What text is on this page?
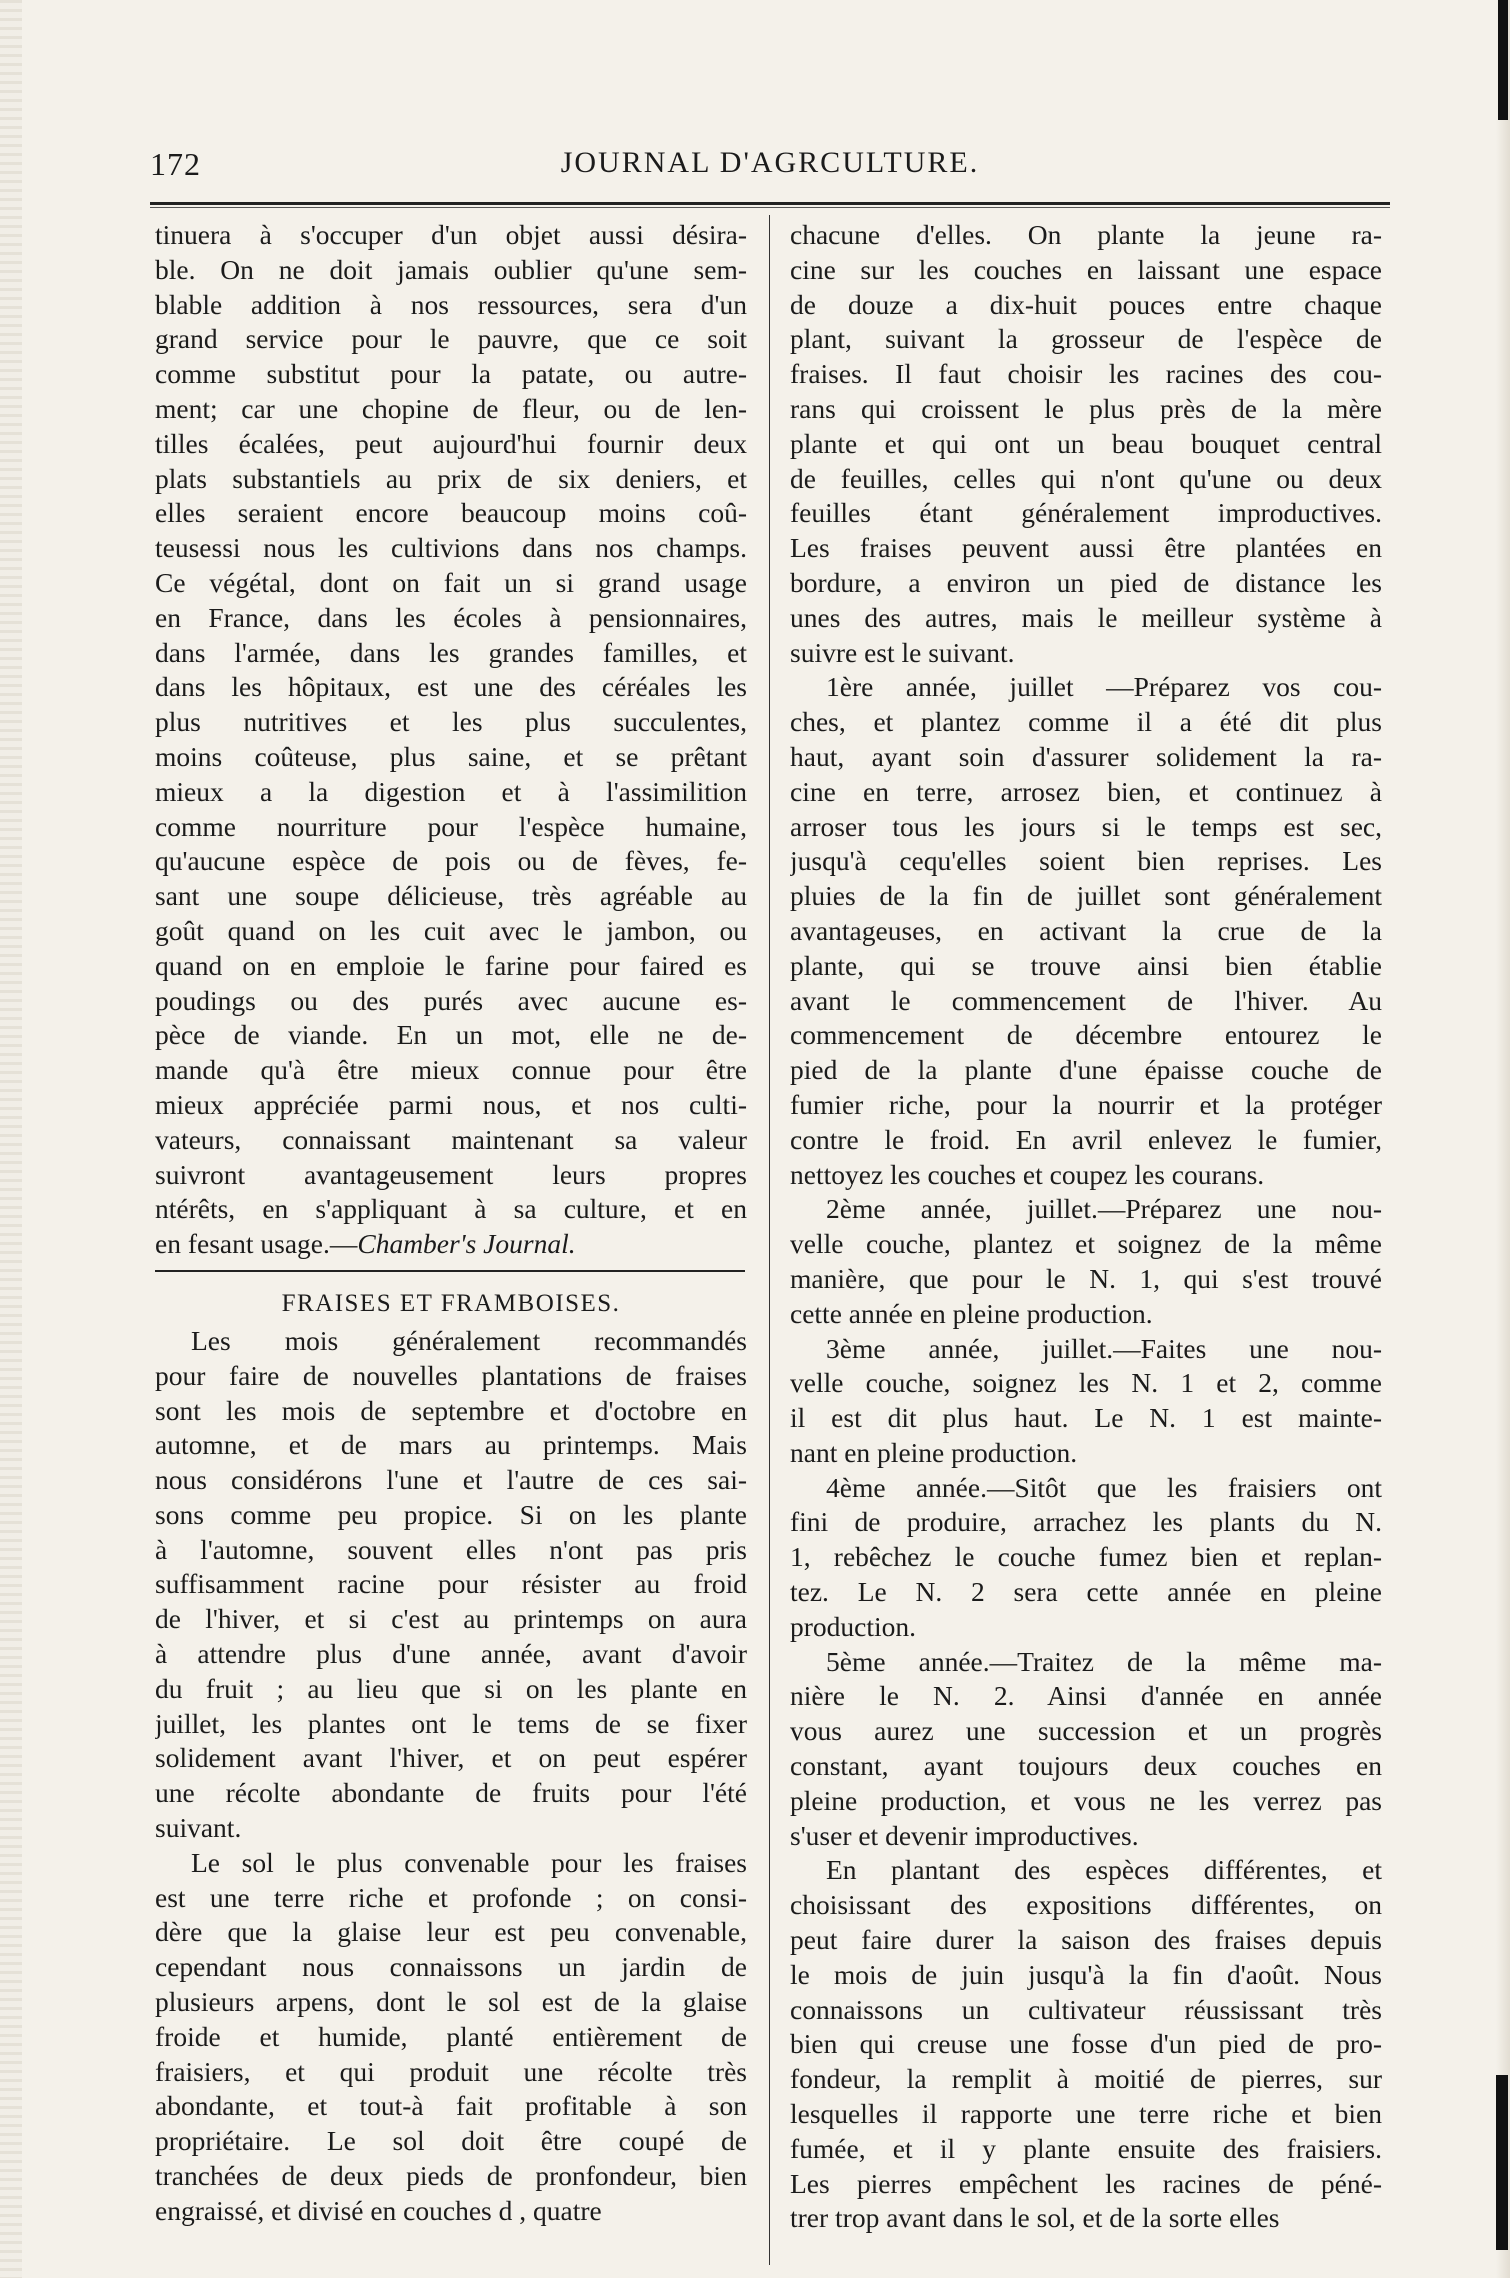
172	JOURNAL D'AGRCULTURE.
tinuera à s'occuper d'un objet aussi désira-
ble. On ne doit jamais oublier qu'une sem-
blable addition à nos ressources, sera d'un
grand service pour le pauvre, que ce soit
comme substitut pour la patate, ou autre-
ment; car une chopine de fleur, ou de len-
tilles écalées, peut aujourd'hui fournir deux
plats substantiels au prix de six deniers, et
elles seraient encore beaucoup moins coû-
teusessi nous les cultivions dans nos champs.
Ce végétal, dont on fait un si grand usage
en France, dans les écoles à pensionnaires,
dans l'armée, dans les grandes familles, et
dans les hôpitaux, est une des céréales les
plus nutritives et les plus succulentes,
moins coûteuse, plus saine, et se prêtant
mieux a la digestion et à l'assimilition
comme nourriture pour l'espèce humaine,
qu'aucune espèce de pois ou de fèves, fe-
sant une soupe délicieuse, très agréable au
goût quand on les cuit avec le jambon, ou
quand on en emploie le farine pour faired es
poudings ou des purés avec aucune es-
pèce de viande. En un mot, elle ne de-
mande qu'à être mieux connue pour être
mieux appréciée parmi nous, et nos culti-
vateurs, connaissant maintenant sa valeur
suivront avantageusement leurs propres
ntérêts, en s'appliquant à sa culture, et en
en fesant usage.—Chamber's Journal.
FRAISES ET FRAMBOISES.
Les mois généralement recommandés
pour faire de nouvelles plantations de fraises
sont les mois de septembre et d'octobre en
automne, et de mars au printemps. Mais
nous considérons l'une et l'autre de ces sai-
sons comme peu propice. Si on les plante
à l'automne, souvent elles n'ont pas pris
suffisamment racine pour résister au froid
de l'hiver, et si c'est au printemps on aura
à attendre plus d'une année, avant d'avoir
du fruit ; au lieu que si on les plante en
juillet, les plantes ont le tems de se fixer
solidement avant l'hiver, et on peut espérer
une récolte abondante de fruits pour l'été
suivant.
Le sol le plus convenable pour les fraises
est une terre riche et profonde ; on consi-
dère que la glaise leur est peu convenable,
cependant nous connaissons un jardin de
plusieurs arpens, dont le sol est de la glaise
froide et humide, planté entièrement de
fraisiers, et qui produit une récolte très
abondante, et tout-à fait profitable à son
propriétaire. Le sol doit être coupé de
tranchées de deux pieds de pronfondeur, bien
engraissé, et divisé en couches d , quatre
chacune d'elles. On plante la jeune ra-
cine sur les couches en laissant une espace
de douze a dix-huit pouces entre chaque
plant, suivant la grosseur de l'espèce de
fraises. Il faut choisir les racines des cou-
rans qui croissent le plus près de la mère
plante et qui ont un beau bouquet central
de feuilles, celles qui n'ont qu'une ou deux
feuilles étant généralement improductives.
Les fraises peuvent aussi être plantées en
bordure, a environ un pied de distance les
unes des autres, mais le meilleur système à
suivre est le suivant.
1ère année, juillet —Préparez vos cou-
ches, et plantez comme il a été dit plus
haut, ayant soin d'assurer solidement la ra-
cine en terre, arrosez bien, et continuez à
arroser tous les jours si le temps est sec,
jusqu'à cequ'elles soient bien reprises. Les
pluies de la fin de juillet sont généralement
avantageuses, en activant la crue de la
plante, qui se trouve ainsi bien établie
avant le commencement de l'hiver. Au
commencement de décembre entourez le
pied de la plante d'une épaisse couche de
fumier riche, pour la nourrir et la protéger
contre le froid. En avril enlevez le fumier,
nettoyez les couches et coupez les courans.
2ème année, juillet.—Préparez une nou-
velle couche, plantez et soignez de la même
manière, que pour le N. 1, qui s'est trouvé
cette année en pleine production.
3ème année, juillet.—Faites une nou-
velle couche, soignez les N. 1 et 2, comme
il est dit plus haut. Le N. 1 est mainte-
nant en pleine production.
4ème année.—Sitôt que les fraisiers ont
fini de produire, arrachez les plants du N.
1, rebêchez le couche fumez bien et replan-
tez. Le N. 2 sera cette année en pleine
production.
5ème année.—Traitez de la même ma-
nière le N. 2. Ainsi d'année en année
vous aurez une succession et un progrès
constant, ayant toujours deux couches en
pleine production, et vous ne les verrez pas
s'user et devenir improductives.
En plantant des espèces différentes, et
choisissant des expositions différentes, on
peut faire durer la saison des fraises depuis
le mois de juin jusqu'à la fin d'août. Nous
connaissons un cultivateur réussissant très
bien qui creuse une fosse d'un pied de pro-
fondeur, la remplit à moitié de pierres, sur
lesquelles il rapporte une terre riche et bien
fumée, et il y plante ensuite des fraisiers.
Les pierres empêchent les racines de péné-
trer trop avant dans le sol, et de la sorte elles
